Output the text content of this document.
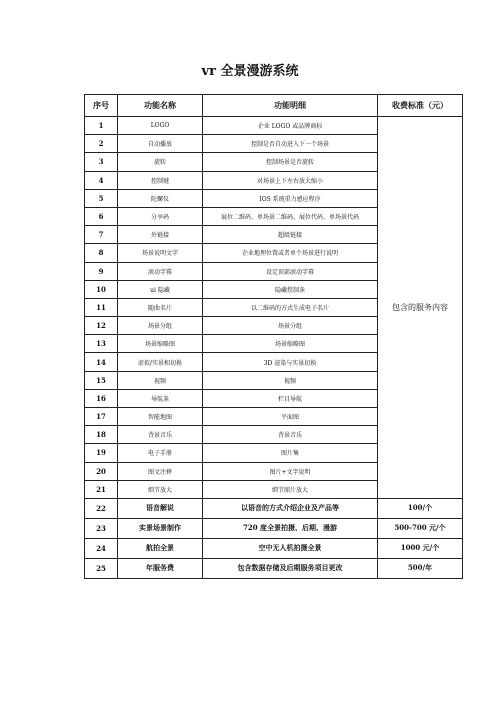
vr 全景漫游系统
序号	功能名称	功能明细	收费标准（元）
1	LOGO	企业 LOGO 或品牌商标	包含的服务内容
2	自动播放	控制是否自动进入下一个场景	
3	旋转	控制场景是否旋转	
4	控制键	对场景上下左右放大缩小	
5	陀螺仪	IOS 系统重力感应程序	
6	分享码	展位二维码、单场景二维码、展位代码、单场景代码	
7	外链接	超级链接	
8	场景说明文字	企业地理位置或者单个场景进行说明	
9	滚动字幕	设定顶部滚动字幕	
10	ui 隐藏	隐藏控制条	
11	随曲名片	以二维码的方式生成电子名片	
12	场景分组	场景分组	
13	场景缩略图	场景缩略图	
14	虚拟/实景相切换	3D 渲染与实景切换	
15	视频	视频	
16	导航条	栏目导航	
17	智能地图	平面图	
18	背景音乐	背景音乐	
19	电子手册	图片集	
20	图文注释	图片+文字说明	
21	细节放大	细节图片放大	
22	语音解说	以语音的方式介绍企业及产品等	100/个
23	实景场景制作	720 度全景拍摄、后期、漫游	500-700 元/个
24	航拍全景	空中无人机拍摄全景	1000 元/个
25	年服务费	包含数据存储及后期服务项目更改	500/年
